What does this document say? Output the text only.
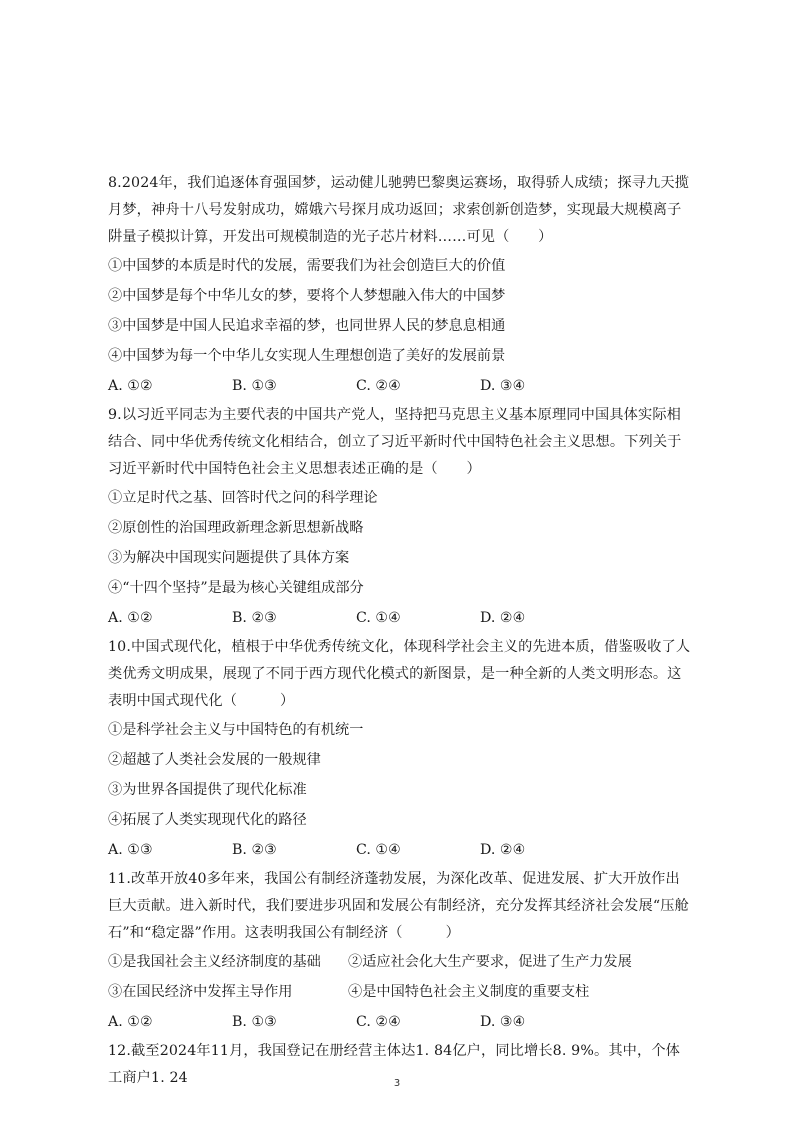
8.2024年，我们追逐体育强国梦，运动健儿驰骋巴黎奥运赛场，取得骄人成绩；探寻九天揽月梦，神舟十八号发射成功，嫦娥六号探月成功返回；求索创新创造梦，实现最大规模离子阱量子模拟计算，开发出可规模制造的光子芯片材料……可见（　　）

①中国梦的本质是时代的发展，需要我们为社会创造巨大的价值

②中国梦是每个中华儿女的梦，要将个人梦想融入伟大的中国梦

③中国梦是中国人民追求幸福的梦，也同世界人民的梦息息相通

④中国梦为每一个中华儿女实现人生理想创造了美好的发展前景

A. ①②	B. ①③	C. ②④	D. ③④

9.以习近平同志为主要代表的中国共产党人，坚持把马克思主义基本原理同中国具体实际相结合、同中华优秀传统文化相结合，创立了习近平新时代中国特色社会主义思想。下列关于习近平新时代中国特色社会主义思想表述正确的是（　　）

①立足时代之基、回答时代之问的科学理论

②原创性的治国理政新理念新思想新战略

③为解决中国现实问题提供了具体方案

④“十四个坚持”是最为核心关键组成部分

A. ①②	B. ②③	C. ①④	D. ②④

10.中国式现代化，植根于中华优秀传统文化，体现科学社会主义的先进本质，借鉴吸收了人类优秀文明成果，展现了不同于西方现代化模式的新图景，是一种全新的人类文明形态。这表明中国式现代化（　　　）

①是科学社会主义与中国特色的有机统一

②超越了人类社会发展的一般规律

③为世界各国提供了现代化标准

④拓展了人类实现现代化的路径

A. ①③	B. ②③	C. ①④	D. ②④

11.改革开放40多年来，我国公有制经济蓬勃发展，为深化改革、促进发展、扩大开放作出巨大贡献。进入新时代，我们要进步巩固和发展公有制经济，充分发挥其经济社会发展“压舱石”和“稳定器”作用。这表明我国公有制经济（　　　）

①是我国社会主义经济制度的基础	②适应社会化大生产要求，促进了生产力发展
③在国民经济中发挥主导作用	④是中国特色社会主义制度的重要支柱
A. ①②	B. ①③	C. ②④	D. ③④

12.截至2024年11月，我国登记在册经营主体达1. 84亿户，同比增长8. 9%。其中，个体工商户1. 24	3
